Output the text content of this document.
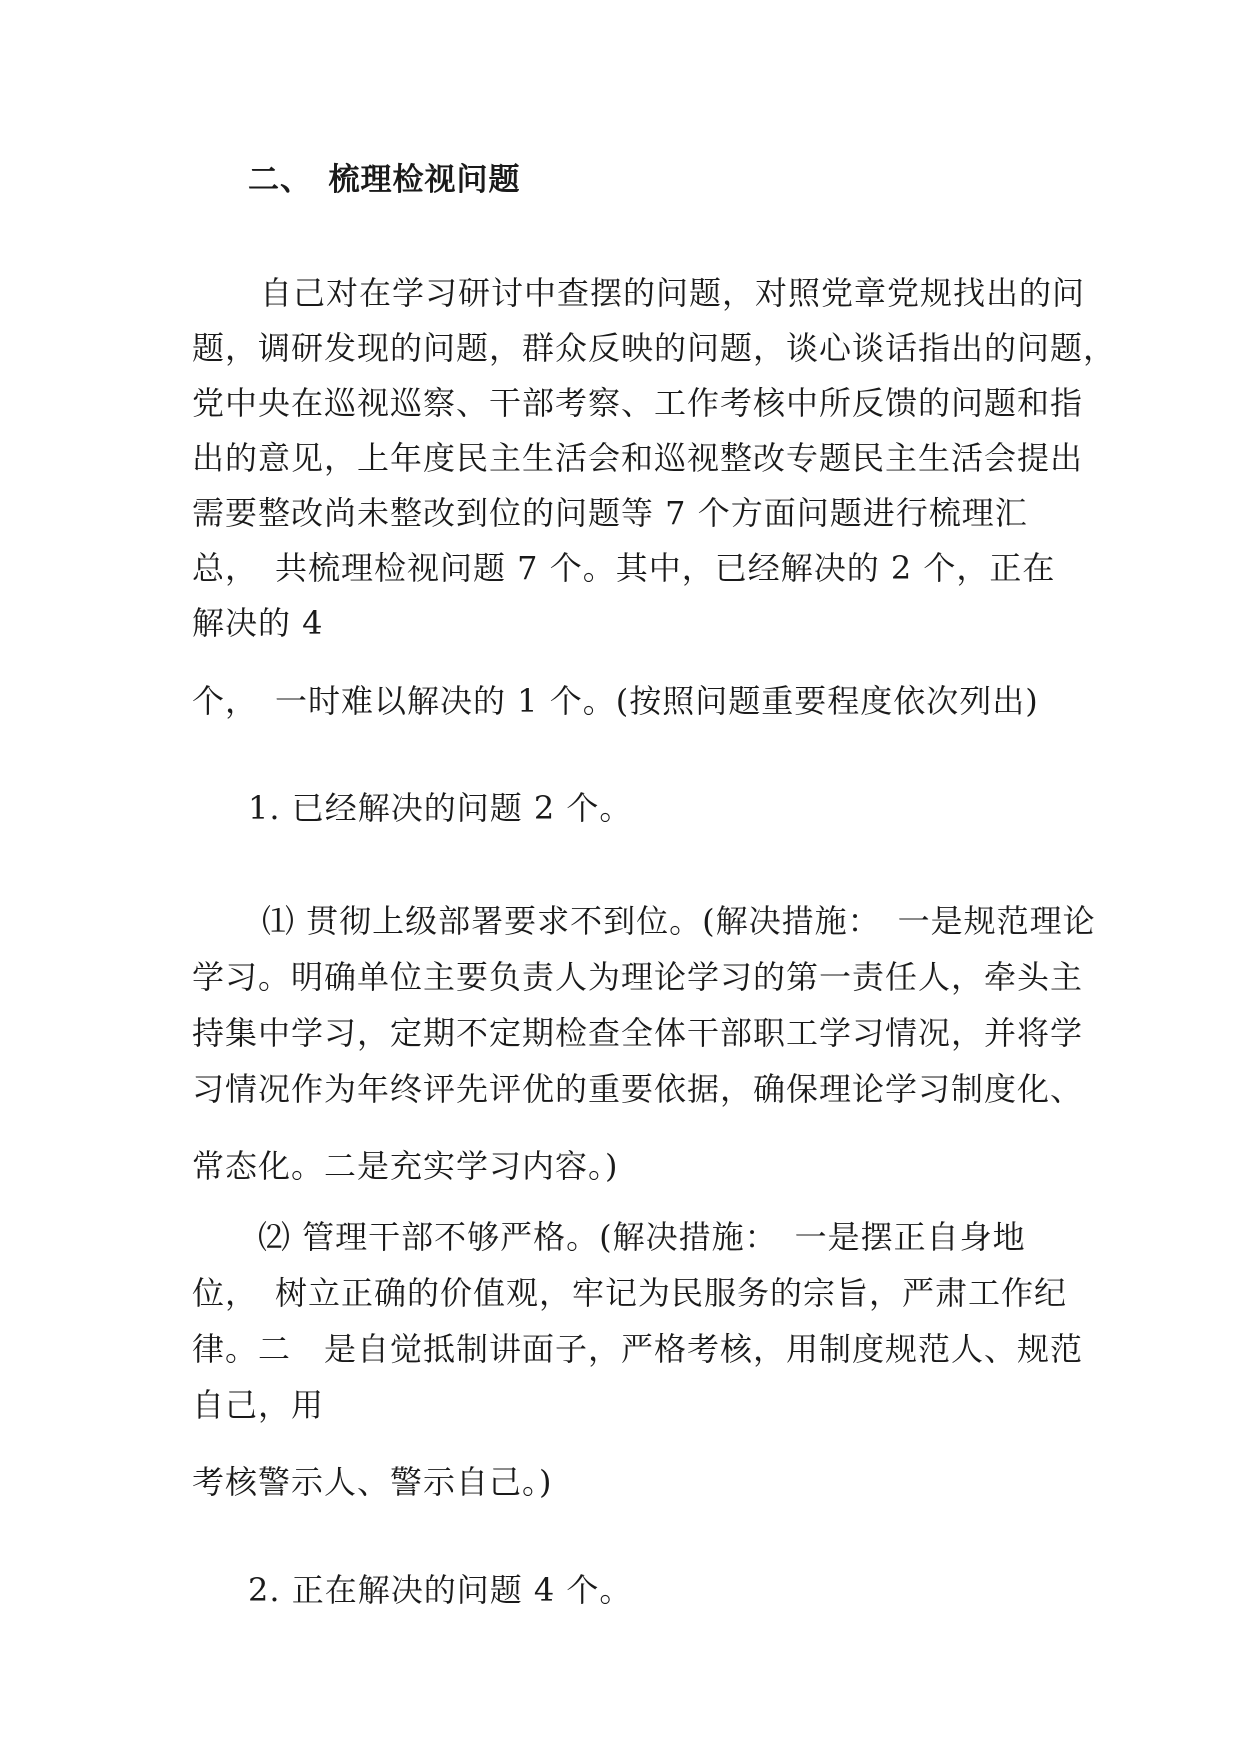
二、　梳理检视问题
自己对在学习研讨中查摆的问题，对照党章党规找出的问
题，调研发现的问题，群众反映的问题，谈心谈话指出的问题，
党中央在巡视巡察、干部考察、工作考核中所反馈的问题和指
出的意见，上年度民主生活会和巡视整改专题民主生活会提出
需要整改尚未整改到位的问题等 7 个方面问题进行梳理汇
总，　共梳理检视问题 7 个。其中，已经解决的 2 个，正在
解决的 4
个，　一时难以解决的 1 个。(按照问题重要程度依次列出)
1. 已经解决的问题 2 个。
⑴ 贯彻上级部署要求不到位。(解决措施：　一是规范理论
学习。明确单位主要负责人为理论学习的第一责任人，牵头主
持集中学习，定期不定期检查全体干部职工学习情况，并将学
习情况作为年终评先评优的重要依据，确保理论学习制度化、
常态化。二是充实学习内容。)
⑵ 管理干部不够严格。(解决措施：　一是摆正自身地
位，　树立正确的价值观，牢记为民服务的宗旨，严肃工作纪
律。二　是自觉抵制讲面子，严格考核，用制度规范人、规范
自己，用
考核警示人、警示自己。)
2. 正在解决的问题 4 个。
